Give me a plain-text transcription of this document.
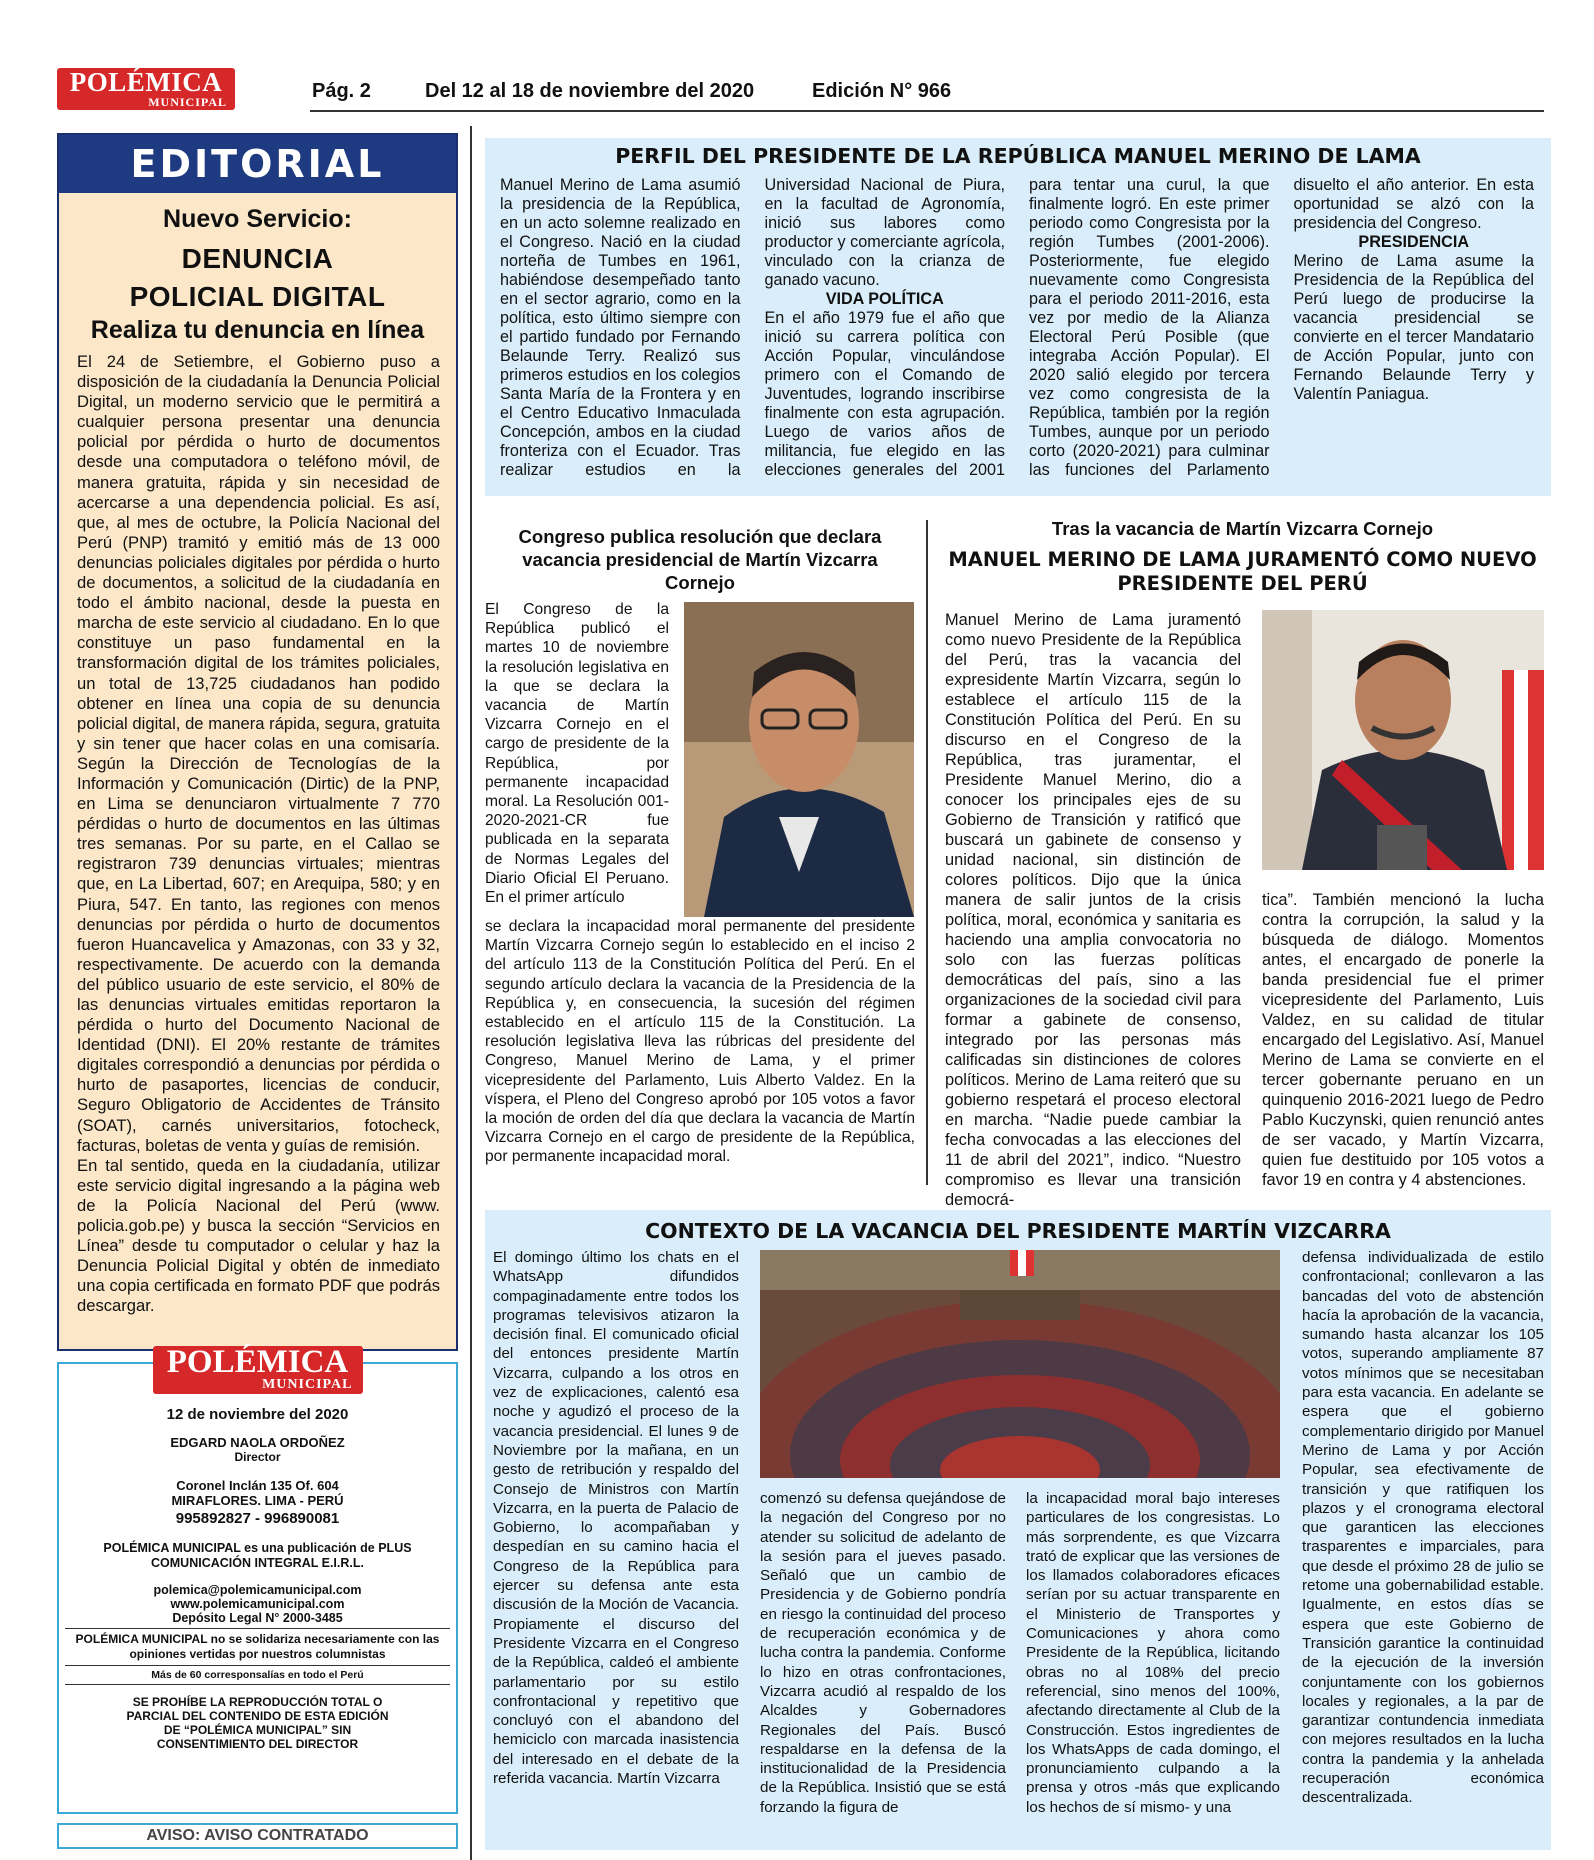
POLÉMICA
MUNICIPAL	Pág. 2	Del 12 al 18 de noviembre del 2020	Edición N° 966
EDITORIAL
Nuevo Servicio:
DENUNCIA POLICIAL DIGITAL
Realiza tu denuncia en línea

El 24 de Setiembre, el Gobierno puso a disposición de la ciudadanía la Denuncia Policial Digital, un moderno servicio que le permitirá a cualquier persona presentar una denuncia policial por pérdida o hurto de documentos desde una computadora o teléfono móvil, de manera gratuita, rápida y sin necesidad de acercarse a una dependencia policial. Es así, que, al mes de octubre, la Policía Nacional del Perú (PNP) tramitó y emitió más de 13 000 denuncias policiales digitales por pérdida o hurto de documentos, a solicitud de la ciudadanía en todo el ámbito nacional, desde la puesta en marcha de este servicio al ciudadano. En lo que constituye un paso fundamental en la transformación digital de los trámites policiales, un total de 13,725 ciudadanos han podido obtener en línea una copia de su denuncia policial digital, de manera rápida, segura, gratuita y sin tener que hacer colas en una comisaría. Según la Dirección de Tecnologías de la Información y Comunicación (Dirtic) de la PNP, en Lima se denunciaron virtualmente 7 770 pérdidas o hurto de documentos en las últimas tres semanas. Por su parte, en el Callao se registraron 739 denuncias virtuales; mientras que, en La Libertad, 607; en Arequipa, 580; y en Piura, 547. En tanto, las regiones con menos denuncias por pérdida o hurto de documentos fueron Huancavelica y Amazonas, con 33 y 32, respectivamente. De acuerdo con la demanda del público usuario de este servicio, el 80% de las denuncias virtuales emitidas reportaron la pérdida o hurto del Documento Nacional de Identidad (DNI). El 20% restante de trámites digitales correspondió a denuncias por pérdida o hurto de pasaportes, licencias de conducir, Seguro Obligatorio de Accidentes de Tránsito (SOAT), carnés universitarios, fotocheck, facturas, boletas de venta y guías de remisión.

En tal sentido, queda en la ciudadanía, utilizar este servicio digital ingresando a la página web de la Policía Nacional del Perú (www. policia.gob.pe) y busca la sección “Servicios en Línea” desde tu computador o celular y haz la Denuncia Policial Digital y obtén de inmediato una copia certificada en formato PDF que podrás descargar.

POLÉMICA
MUNICIPAL
12 de noviembre del 2020
EDGARD NAOLA ORDOÑEZ
Director
Coronel Inclán 135 Of. 604
MIRAFLORES. LIMA - PERÚ
995892827 - 996890081
POLÉMICA MUNICIPAL es una publicación de PLUS COMUNICACIÓN INTEGRAL E.I.R.L.
polemica@polemicamunicipal.com
www.polemicamunicipal.com
Depósito Legal N° 2000-3485
POLÉMICA MUNICIPAL no se solidariza necesariamente con las opiniones vertidas por nuestros columnistas
Más de 60 corresponsalías en todo el Perú
SE PROHÍBE LA REPRODUCCIÓN TOTAL O PARCIAL DEL CONTENIDO DE ESTA EDICIÓN DE “POLÉMICA MUNICIPAL” SIN CONSENTIMIENTO DEL DIRECTOR
AVISO: AVISO CONTRATADO
PERFIL DEL PRESIDENTE DE LA REPÚBLICA MANUEL MERINO DE LAMA

Manuel Merino de Lama asumió la presidencia de la República, en un acto solemne realizado en el Congreso. Nació en la ciudad norteña de Tumbes en 1961, habiéndose desempeñado tanto en el sector agrario, como en la política, esto último siempre con el partido fundado por Fernando Belaunde Terry. Realizó sus primeros estudios en los colegios Santa María de la Frontera y en el Centro Educativo Inmaculada Concepción, ambos en la ciudad fronteriza con el Ecuador. Tras realizar estudios en la Universidad Nacional de Piura, en la facultad de Agronomía, inició sus labores como productor y comerciante agrícola, vinculado con la crianza de ganado vacuno.

VIDA POLÍTICA

En el año 1979 fue el año que inició su carrera política con Acción Popular, vinculándose primero con el Comando de Juventudes, logrando inscribirse finalmente con esta agrupación. Luego de varios años de militancia, fue elegido en las elecciones generales del 2001 para tentar una curul, la que finalmente logró. En este primer periodo como Congresista por la región Tumbes (2001-2006). Posteriormente, fue elegido nuevamente como Congresista para el periodo 2011-2016, esta vez por medio de la Alianza Electoral Perú Posible (que integraba Acción Popular). El 2020 salió elegido por tercera vez como congresista de la República, también por la región Tumbes, aunque por un periodo corto (2020-2021) para culminar las funciones del Parlamento disuelto el año anterior. En esta oportunidad se alzó con la presidencia del Congreso.

PRESIDENCIA

Merino de Lama asume la Presidencia de la República del Perú luego de producirse la vacancia presidencial se convierte en el tercer Mandatario de Acción Popular, junto con Fernando Belaunde Terry y Valentín Paniagua.

Congreso publica resolución que declara vacancia presidencial de Martín Vizcarra Cornejo
El Congreso de la República publicó el martes 10 de noviembre la resolución legislativa en la que se declara la vacancia de Martín Vizcarra Cornejo en el cargo de presidente de la República, por permanente incapacidad moral. La Resolución 001-2020-2021-CR fue publicada en la separata de Normas Legales del Diario Oficial El Peruano. En el primer artículo
se declara la incapacidad moral permanente del presidente Martín Vizcarra Cornejo según lo establecido en el inciso 2 del artículo 113 de la Constitución Política del Perú. En el segundo artículo declara la vacancia de la Presidencia de la República y, en consecuencia, la sucesión del régimen establecido en el artículo 115 de la Constitución. La resolución legislativa lleva las rúbricas del presidente del Congreso, Manuel Merino de Lama, y el primer vicepresidente del Parlamento, Luis Alberto Valdez. En la víspera, el Pleno del Congreso aprobó por 105 votos a favor la moción de orden del día que declara la vacancia de Martín Vizcarra Cornejo en el cargo de presidente de la República, por permanente incapacidad moral.
Tras la vacancia de Martín Vizcarra Cornejo
MANUEL MERINO DE LAMA JURAMENTÓ COMO NUEVO PRESIDENTE DEL PERÚ
Manuel Merino de Lama juramentó como nuevo Presidente de la República del Perú, tras la vacancia del expresidente Martín Vizcarra, según lo establece el artículo 115 de la Constitución Política del Perú. En su discurso en el Congreso de la República, tras juramentar, el Presidente Manuel Merino, dio a conocer los principales ejes de su Gobierno de Transición y ratificó que buscará un gabinete de consenso y unidad nacional, sin distinción de colores políticos. Dijo que la única manera de salir juntos de la crisis política, moral, económica y sanitaria es haciendo una amplia convocatoria no solo con las fuerzas políticas democráticas del país, sino a las organizaciones de la sociedad civil para formar a gabinete de consenso, integrado por las personas más calificadas sin distinciones de colores políticos. Merino de Lama reiteró que su gobierno respetará el proceso electoral en marcha. “Nadie puede cambiar la fecha convocadas a las elecciones del 11 de abril del 2021”, indico. “Nuestro compromiso es llevar una transición democrá-
tica”. También mencionó la lucha contra la corrupción, la salud y la búsqueda de diálogo. Momentos antes, el encargado de ponerle la banda presidencial fue el primer vicepresidente del Parlamento, Luis Valdez, en su calidad de titular encargado del Legislativo. Así, Manuel Merino de Lama se convierte en el tercer gobernante peruano en un quinquenio 2016-2021 luego de Pedro Pablo Kuczynski, quien renunció antes de ser vacado, y Martín Vizcarra, quien fue destituido por 105 votos a favor 19 en contra y 4 abstenciones.
CONTEXTO DE LA VACANCIA DEL PRESIDENTE MARTÍN VIZCARRA
El domingo último los chats en el WhatsApp difundidos compaginadamente entre todos los programas televisivos atizaron la decisión final. El comunicado oficial del entonces presidente Martín Vizcarra, culpando a los otros en vez de explicaciones, calentó esa noche y agudizó el proceso de la vacancia presidencial. El lunes 9 de Noviembre por la mañana, en un gesto de retribución y respaldo del Consejo de Ministros con Martín Vizcarra, en la puerta de Palacio de Gobierno, lo acompañaban y despedían en su camino hacia el Congreso de la República para ejercer su defensa ante esta discusión de la Moción de Vacancia. Propiamente el discurso del Presidente Vizcarra en el Congreso de la República, caldeó el ambiente parlamentario por su estilo confrontacional y repetitivo que concluyó con el abandono del hemiciclo con marcada inasistencia del interesado en el debate de la referida vacancia. Martín Vizcarra
comenzó su defensa quejándose de la negación del Congreso por no atender su solicitud de adelanto de la sesión para el jueves pasado. Señaló que un cambio de Presidencia y de Gobierno pondría en riesgo la continuidad del proceso de recuperación económica y de lucha contra la pandemia. Conforme lo hizo en otras confrontaciones, Vizcarra acudió al respaldo de los Alcaldes y Gobernadores Regionales del País. Buscó respaldarse en la defensa de la institucionalidad de la Presidencia de la República. Insistió que se está forzando la figura de
la incapacidad moral bajo intereses particulares de los congresistas. Lo más sorprendente, es que Vizcarra trató de explicar que las versiones de los llamados colaboradores eficaces serían por su actuar transparente en el Ministerio de Transportes y Comunicaciones y ahora como Presidente de la República, licitando obras no al 108% del precio referencial, sino menos del 100%, afectando directamente al Club de la Construcción. Estos ingredientes de los WhatsApps de cada domingo, el pronunciamiento culpando a la prensa y otros -más que explicando los hechos de sí mismo- y una
defensa individualizada de estilo confrontacional; conllevaron a las bancadas del voto de abstención hacía la aprobación de la vacancia, sumando hasta alcanzar los 105 votos, superando ampliamente 87 votos mínimos que se necesitaban para esta vacancia. En adelante se espera que el gobierno complementario dirigido por Manuel Merino de Lama y por Acción Popular, sea efectivamente de transición y que ratifiquen los plazos y el cronograma electoral que garanticen las elecciones trasparentes e imparciales, para que desde el próximo 28 de julio se retome una gobernabilidad estable. Igualmente, en estos días se espera que este Gobierno de Transición garantice la continuidad de la ejecución de la inversión conjuntamente con los gobiernos locales y regionales, a la par de garantizar contundencia inmediata con mejores resultados en la lucha contra la pandemia y la anhelada recuperación económica descentralizada.
